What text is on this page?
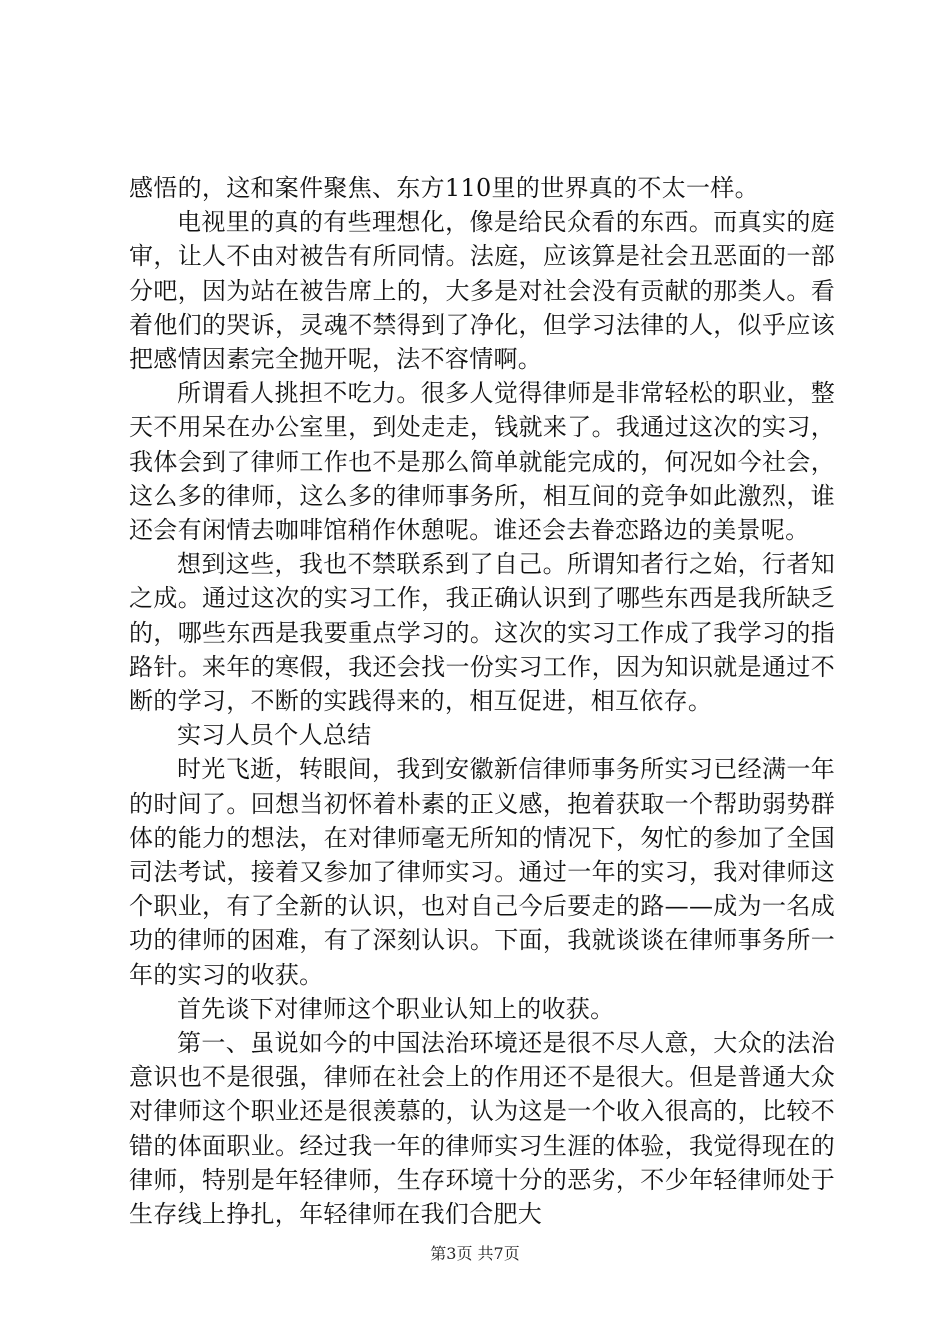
感悟的，这和案件聚焦、东方110里的世界真的不太一样。

电视里的真的有些理想化，像是给民众看的东西。而真实的庭审，让人不由对被告有所同情。法庭，应该算是社会丑恶面的一部分吧，因为站在被告席上的，大多是对社会没有贡献的那类人。看着他们的哭诉，灵魂不禁得到了净化，但学习法律的人，似乎应该把感情因素完全抛开呢，法不容情啊。

所谓看人挑担不吃力。很多人觉得律师是非常轻松的职业，整天不用呆在办公室里，到处走走，钱就来了。我通过这次的实习，我体会到了律师工作也不是那么简单就能完成的，何况如今社会，这么多的律师，这么多的律师事务所，相互间的竞争如此激烈，谁还会有闲情去咖啡馆稍作休憩呢。谁还会去眷恋路边的美景呢。

想到这些，我也不禁联系到了自己。所谓知者行之始，行者知之成。通过这次的实习工作，我正确认识到了哪些东西是我所缺乏的，哪些东西是我要重点学习的。这次的实习工作成了我学习的指路针。来年的寒假，我还会找一份实习工作，因为知识就是通过不断的学习，不断的实践得来的，相互促进，相互依存。

实习人员个人总结

时光飞逝，转眼间，我到安徽新信律师事务所实习已经满一年的时间了。回想当初怀着朴素的正义感，抱着获取一个帮助弱势群体的能力的想法，在对律师毫无所知的情况下，匆忙的参加了全国司法考试，接着又参加了律师实习。通过一年的实习，我对律师这个职业，有了全新的认识，也对自己今后要走的路——成为一名成功的律师的困难，有了深刻认识。下面，我就谈谈在律师事务所一年的实习的收获。

首先谈下对律师这个职业认知上的收获。

第一、虽说如今的中国法治环境还是很不尽人意，大众的法治意识也不是很强，律师在社会上的作用还不是很大。但是普通大众对律师这个职业还是很羡慕的，认为这是一个收入很高的，比较不错的体面职业。经过我一年的律师实习生涯的体验，我觉得现在的律师，特别是年轻律师，生存环境十分的恶劣，不少年轻律师处于生存线上挣扎，年轻律师在我们合肥大

第3页 共7页
